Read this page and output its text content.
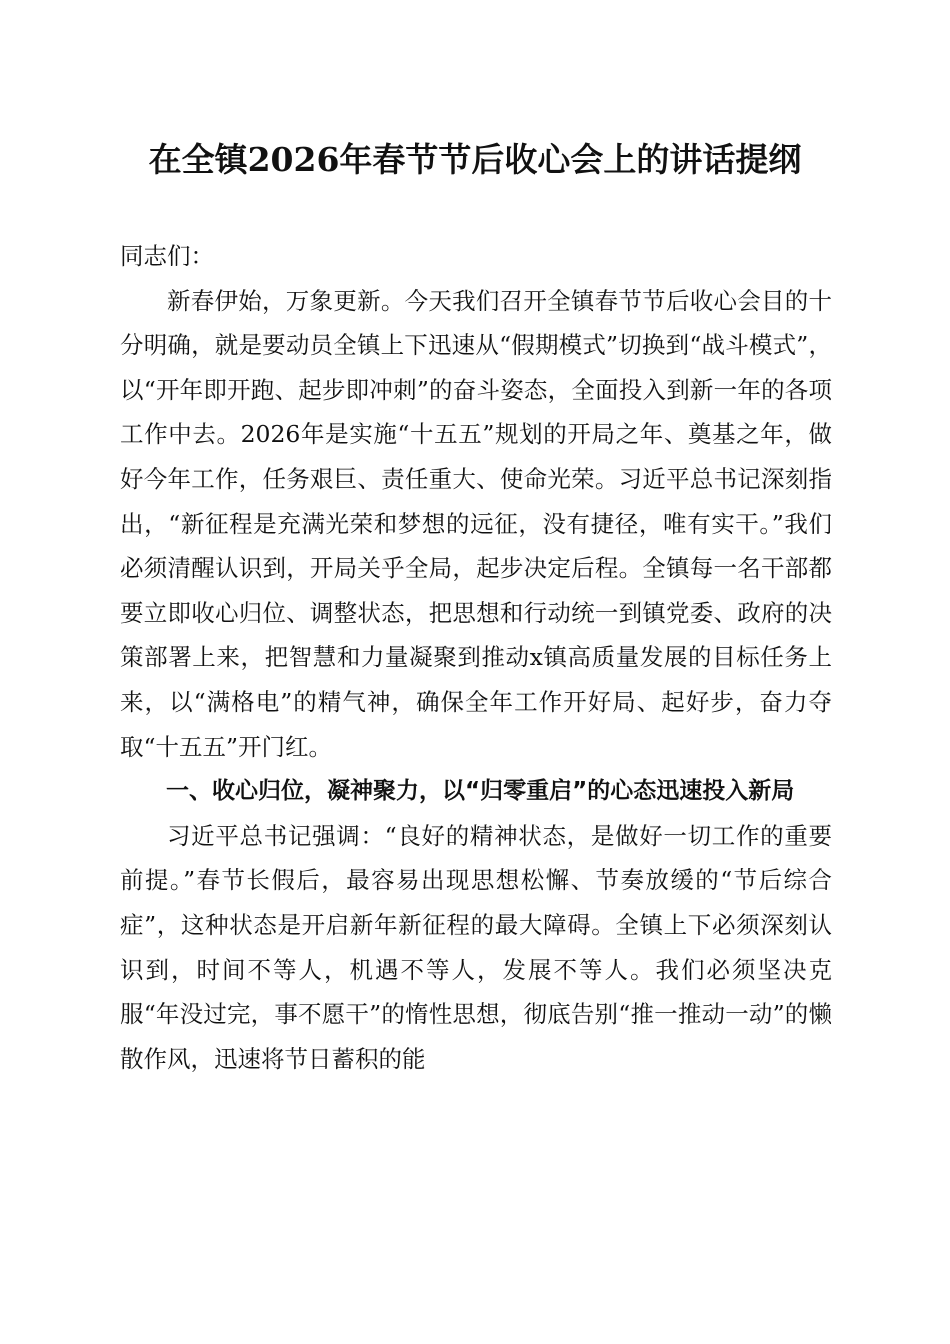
在全镇2026年春节节后收心会上的讲话提纲

同志们：

新春伊始，万象更新。今天我们召开全镇春节节后收心会目的十分明确，就是要动员全镇上下迅速从“假期模式”切换到“战斗模式”，以“开年即开跑、起步即冲刺”的奋斗姿态，全面投入到新一年的各项工作中去。2026年是实施“十五五”规划的开局之年、奠基之年，做好今年工作，任务艰巨、责任重大、使命光荣。习近平总书记深刻指出，“新征程是充满光荣和梦想的远征，没有捷径，唯有实干。”我们必须清醒认识到，开局关乎全局，起步决定后程。全镇每一名干部都要立即收心归位、调整状态，把思想和行动统一到镇党委、政府的决策部署上来，把智慧和力量凝聚到推动x镇高质量发展的目标任务上来，以“满格电”的精气神，确保全年工作开好局、起好步，奋力夺取“十五五”开门红。

一、收心归位，凝神聚力，以“归零重启”的心态迅速投入新局

习近平总书记强调：“良好的精神状态，是做好一切工作的重要前提。”春节长假后，最容易出现思想松懈、节奏放缓的“节后综合症”，这种状态是开启新年新征程的最大障碍。全镇上下必须深刻认识到，时间不等人，机遇不等人，发展不等人。我们必须坚决克服“年没过完，事不愿干”的惰性思想，彻底告别“推一推动一动”的懒散作风，迅速将节日蓄积的能
